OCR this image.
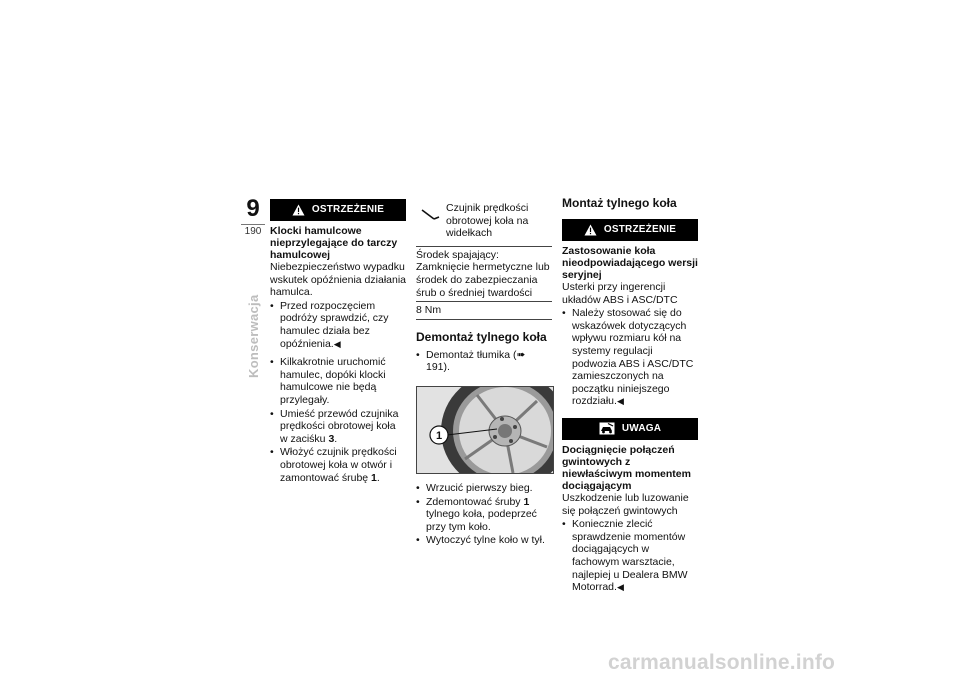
9
190
Konserwacja
OSTRZEŻENIE
Klocki hamulcowe nieprzylegające do tarczy hamulcowej

Niebezpieczeństwo wypadku wskutek opóźnienia działania hamulca.

• Przed rozpoczęciem podróży sprawdzić, czy hamulec działa bez opóźnienia.◀
• Kilkakrotnie uruchomić hamulec, dopóki klocki hamulcowe nie będą przylegały.
• Umieść przewód czujnika prędkości obrotowej koła w zaciśku 3.
• Włożyć czujnik prędkości obrotowej koła w otwór i zamontować śrubę 1.
Czujnik prędkości obrotowej koła na widełkach
Środek spajający: Zamknięcie hermetyczne lub środek do zabezpieczania śrub o średniej twardości
8 Nm
Demontaż tylnego koła
• Demontaż tłumika (➠ 191).
1
• Wrzucić pierwszy bieg.
• Zdemontować śruby 1 tylnego koła, podeprzeć przy tym koło.
• Wytoczyć tylne koło w tył.
Montaż tylnego koła
OSTRZEŻENIE
Zastosowanie koła nieodpowiadającego wersji seryjnej

Usterki przy ingerencji układów ABS i ASC/DTC

• Należy stosować się do wskazówek dotyczących wpływu rozmiaru kół na systemy regulacji podwozia ABS i ASC/DTC zamieszczonych na początku niniejszego rozdziału.◀
UWAGA
Dociągnięcie połączeń gwintowych z niewłaściwym momentem dociągającym

Uszkodzenie lub luzowanie się połączeń gwintowych

• Koniecznie zlecić sprawdzenie momentów dociągających w fachowym warsztacie, najlepiej u Dealera BMW Motorrad.◀
carmanualsonline.info
